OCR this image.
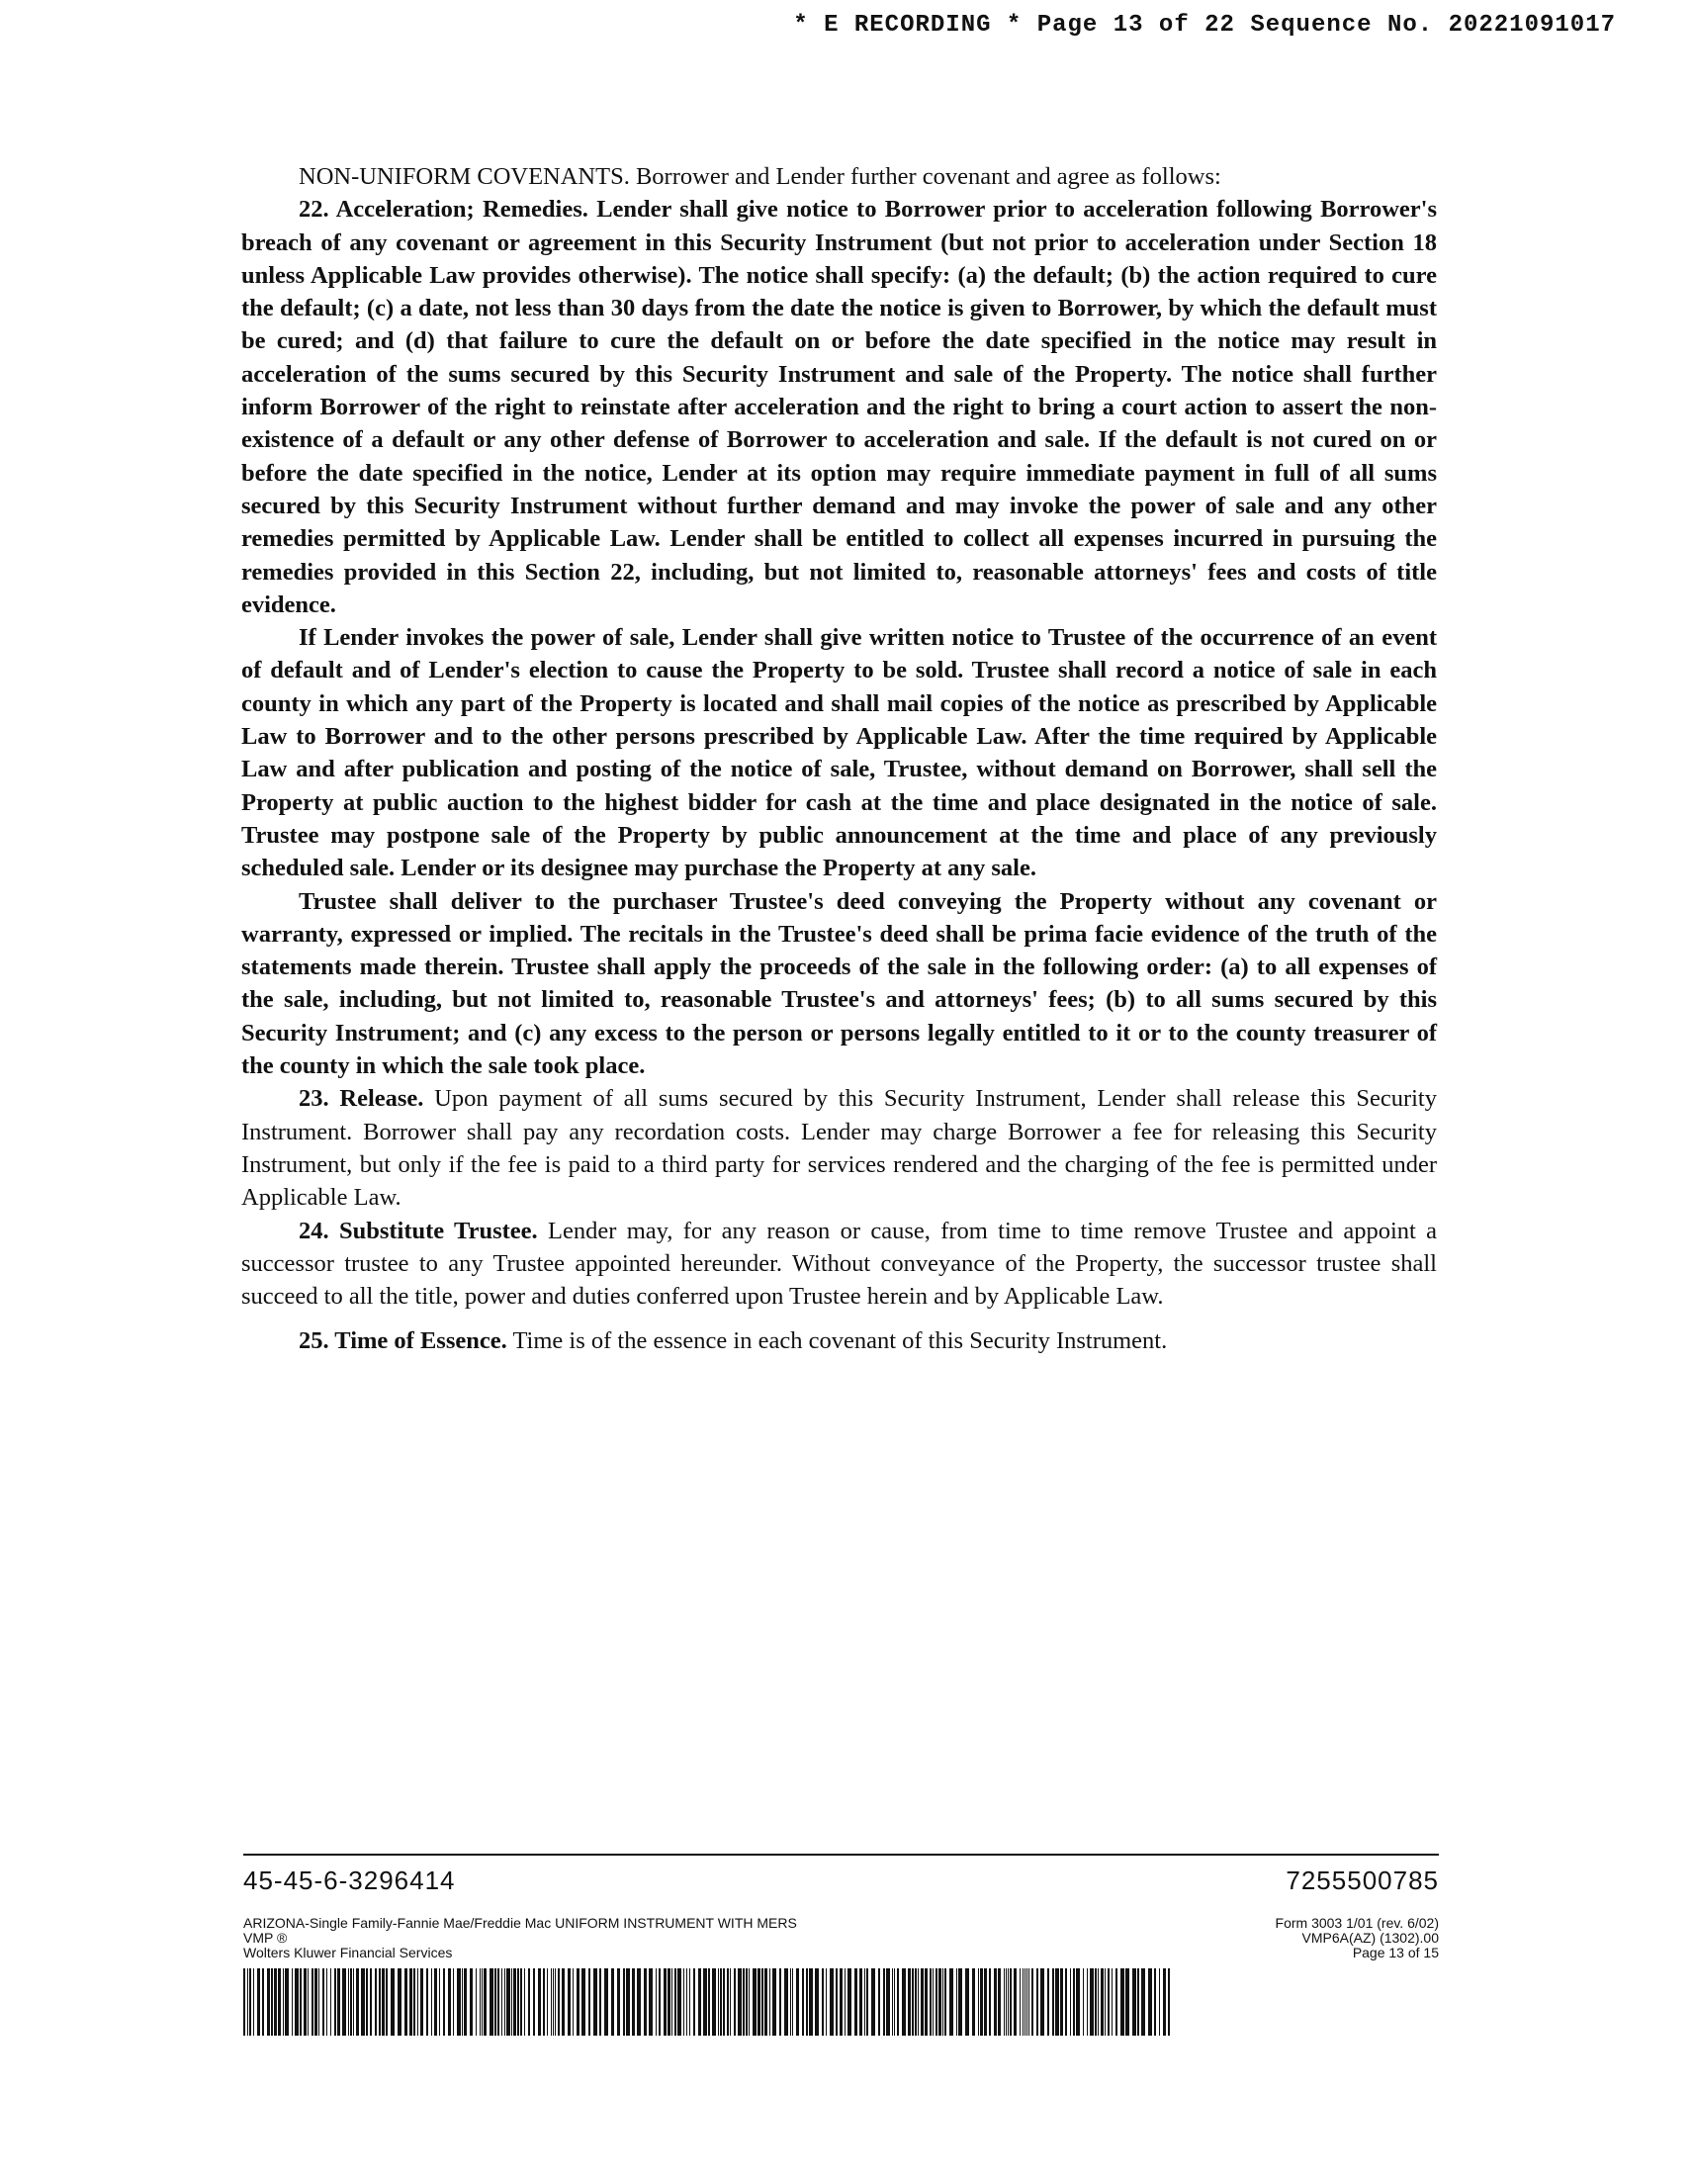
* E RECORDING * Page 13 of 22 Sequence No. 20221091017

NON-UNIFORM COVENANTS. Borrower and Lender further covenant and agree as follows:

22. Acceleration; Remedies. Lender shall give notice to Borrower prior to acceleration following Borrower's breach of any covenant or agreement in this Security Instrument (but not prior to acceleration under Section 18 unless Applicable Law provides otherwise). The notice shall specify: (a) the default; (b) the action required to cure the default; (c) a date, not less than 30 days from the date the notice is given to Borrower, by which the default must be cured; and (d) that failure to cure the default on or before the date specified in the notice may result in acceleration of the sums secured by this Security Instrument and sale of the Property. The notice shall further inform Borrower of the right to reinstate after acceleration and the right to bring a court action to assert the non-existence of a default or any other defense of Borrower to acceleration and sale. If the default is not cured on or before the date specified in the notice, Lender at its option may require immediate payment in full of all sums secured by this Security Instrument without further demand and may invoke the power of sale and any other remedies permitted by Applicable Law. Lender shall be entitled to collect all expenses incurred in pursuing the remedies provided in this Section 22, including, but not limited to, reasonable attorneys' fees and costs of title evidence.

If Lender invokes the power of sale, Lender shall give written notice to Trustee of the occurrence of an event of default and of Lender's election to cause the Property to be sold. Trustee shall record a notice of sale in each county in which any part of the Property is located and shall mail copies of the notice as prescribed by Applicable Law to Borrower and to the other persons prescribed by Applicable Law. After the time required by Applicable Law and after publication and posting of the notice of sale, Trustee, without demand on Borrower, shall sell the Property at public auction to the highest bidder for cash at the time and place designated in the notice of sale. Trustee may postpone sale of the Property by public announcement at the time and place of any previously scheduled sale. Lender or its designee may purchase the Property at any sale.

Trustee shall deliver to the purchaser Trustee's deed conveying the Property without any covenant or warranty, expressed or implied. The recitals in the Trustee's deed shall be prima facie evidence of the truth of the statements made therein. Trustee shall apply the proceeds of the sale in the following order: (a) to all expenses of the sale, including, but not limited to, reasonable Trustee's and attorneys' fees; (b) to all sums secured by this Security Instrument; and (c) any excess to the person or persons legally entitled to it or to the county treasurer of the county in which the sale took place.

23. Release. Upon payment of all sums secured by this Security Instrument, Lender shall release this Security Instrument. Borrower shall pay any recordation costs. Lender may charge Borrower a fee for releasing this Security Instrument, but only if the fee is paid to a third party for services rendered and the charging of the fee is permitted under Applicable Law.

24. Substitute Trustee. Lender may, for any reason or cause, from time to time remove Trustee and appoint a successor trustee to any Trustee appointed hereunder. Without conveyance of the Property, the successor trustee shall succeed to all the title, power and duties conferred upon Trustee herein and by Applicable Law.

25. Time of Essence. Time is of the essence in each covenant of this Security Instrument.

45-45-6-3296414	7255500785
ARIZONA-Single Family-Fannie Mae/Freddie Mac UNIFORM INSTRUMENT WITH MERS
VMP ®
Wolters Kluwer Financial Services
Form 3003 1/01 (rev. 6/02)
VMP6A(AZ) (1302).00
Page 13 of 15
